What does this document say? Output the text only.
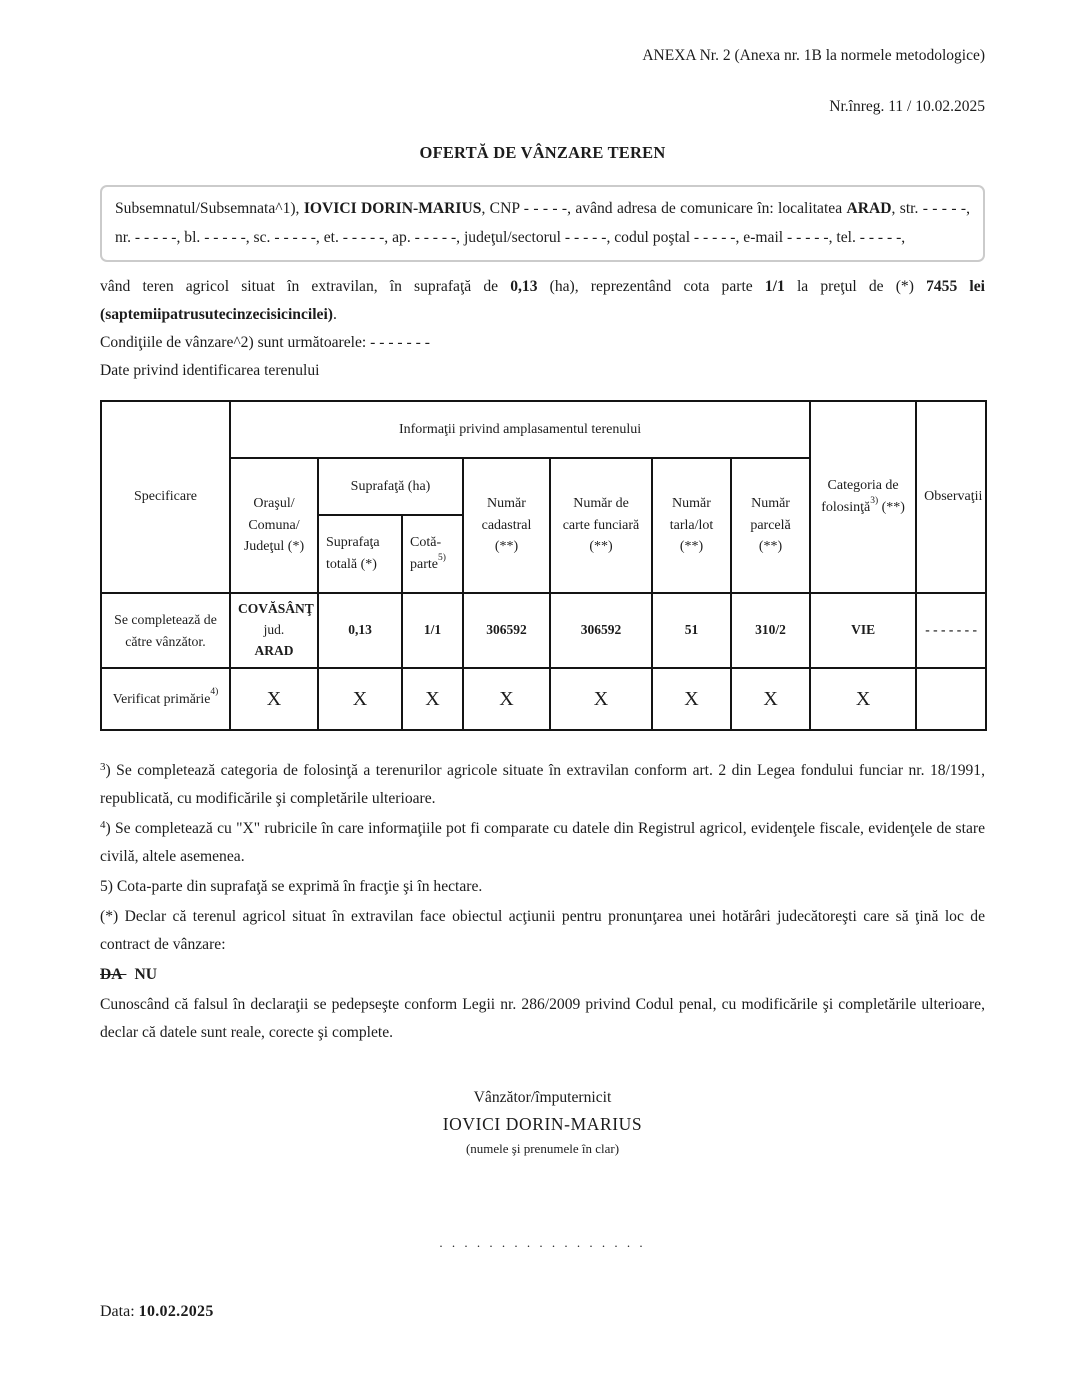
ANEXA Nr. 2 (Anexa nr. 1B la normele metodologice)
Nr.înreg. 11 / 10.02.2025
OFERTĂ DE VÂNZARE TEREN
Subsemnatul/Subsemnata^1), IOVICI DORIN-MARIUS, CNP - - - - -, având adresa de comunicare în: localitatea ARAD, str. - - - - -, nr. - - - - -, bl. - - - - -, sc. - - - - -, et. - - - - -, ap. - - - - -, judeţul/sectorul - - - - -, codul poştal - - - - -, e-mail - - - - -, tel. - - - - -,

vând teren agricol situat în extravilan, în suprafaţă de 0,13 (ha), reprezentând cota parte 1/1 la preţul de (*) 7455 lei (saptemiipatrusutecinzecisicincilei).

Condiţiile de vânzare^2) sunt următoarele: - - - - - - -

Date privind identificarea terenului

Specificare	Informaţii privind amplasamentul terenului							Categoria de folosinţă$^{3)}$ (**)	Observaţii

	Oraşul/
Comuna/
Judeţul (*)	Suprafaţă (ha)		Număr cadastral (**)	Număr de carte funciară (**)	Număr tarla/lot (**)	Număr parcelă (**)		
		Suprafaţa totală (*)	Cotă-parte$^{5)}$
Se completează de către vânzător.	COVĂSÂNŢ
jud.
ARAD	0,13	1/1	306592	306592	51	310/2	VIE	- - - - - - -
Verificat primărie$^{4)}$	X	X	X	X	X	X	X	X	

$^3$) Se completează categoria de folosinţă a terenurilor agricole situate în extravilan conform art. 2 din Legea fondului funciar nr. 18/1991, republicată, cu modificările şi completările ulterioare.

$^4$) Se completează cu "X" rubricile în care informaţiile pot fi comparate cu datele din Registrul agricol, evidenţele fiscale, evidenţele de stare civilă, altele asemenea.

5) Cota-parte din suprafaţă se exprimă în fracţie şi în hectare.

(*) Declar că terenul agricol situat în extravilan face obiectul acţiunii pentru pronunţarea unei hotărâri judecătoreşti care să ţină loc de contract de vânzare:

DA NU

Cunoscând că falsul în declaraţii se pedepseşte conform Legii nr. 286/2009 privind Codul penal, cu modificările şi completările ulterioare, declar că datele sunt reale, corecte şi complete.

Vânzător/împuternicit
IOVICI DORIN-MARIUS
(numele şi prenumele în clar)
. . . . . . . . . . . . . . . . .
Data: 10.02.2025
